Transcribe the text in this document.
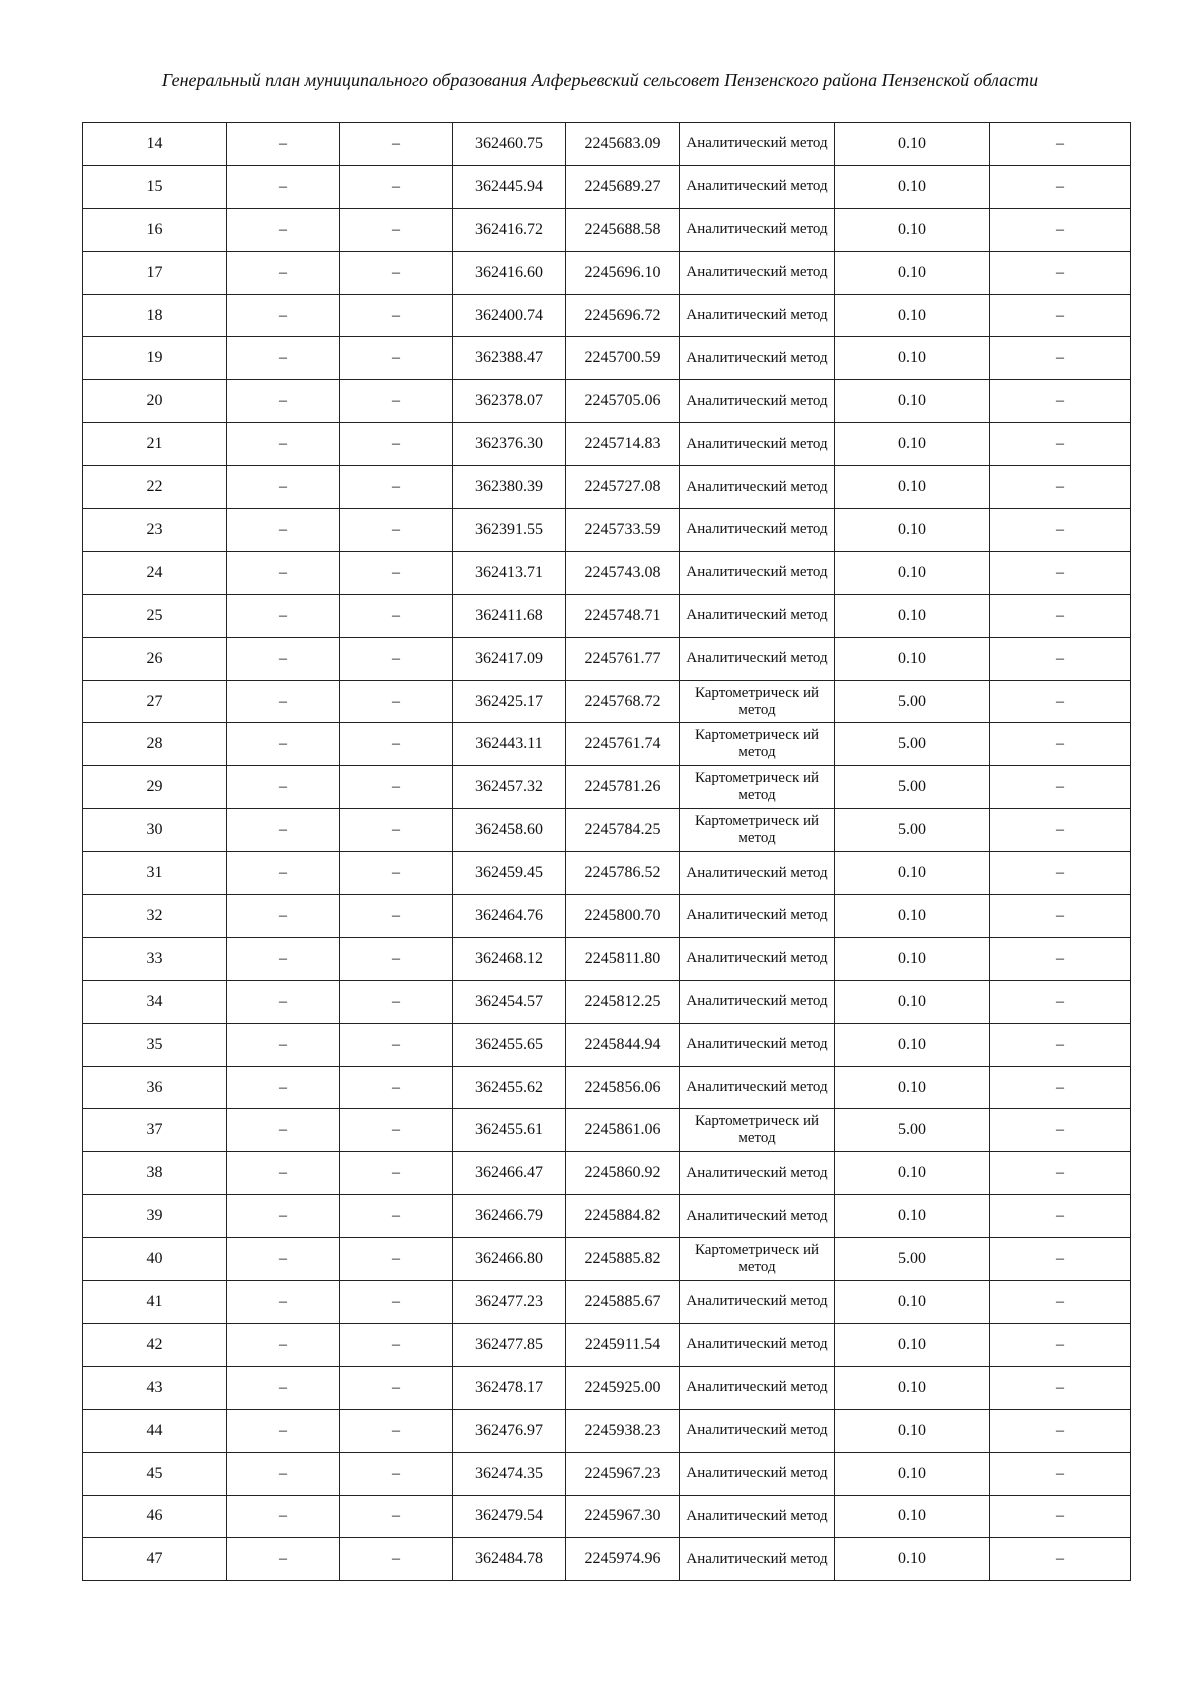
Генеральный план муниципального образования Алферьевский сельсовет Пензенского района Пензенской области
14	–	–	362460.75	2245683.09	Аналитический метод	0.10	–
15	–	–	362445.94	2245689.27	Аналитический метод	0.10	–
16	–	–	362416.72	2245688.58	Аналитический метод	0.10	–
17	–	–	362416.60	2245696.10	Аналитический метод	0.10	–
18	–	–	362400.74	2245696.72	Аналитический метод	0.10	–
19	–	–	362388.47	2245700.59	Аналитический метод	0.10	–
20	–	–	362378.07	2245705.06	Аналитический метод	0.10	–
21	–	–	362376.30	2245714.83	Аналитический метод	0.10	–
22	–	–	362380.39	2245727.08	Аналитический метод	0.10	–
23	–	–	362391.55	2245733.59	Аналитический метод	0.10	–
24	–	–	362413.71	2245743.08	Аналитический метод	0.10	–
25	–	–	362411.68	2245748.71	Аналитический метод	0.10	–
26	–	–	362417.09	2245761.77	Аналитический метод	0.10	–
27	–	–	362425.17	2245768.72	Картометрическ ий метод	5.00	–
28	–	–	362443.11	2245761.74	Картометрическ ий метод	5.00	–
29	–	–	362457.32	2245781.26	Картометрическ ий метод	5.00	–
30	–	–	362458.60	2245784.25	Картометрическ ий метод	5.00	–
31	–	–	362459.45	2245786.52	Аналитический метод	0.10	–
32	–	–	362464.76	2245800.70	Аналитический метод	0.10	–
33	–	–	362468.12	2245811.80	Аналитический метод	0.10	–
34	–	–	362454.57	2245812.25	Аналитический метод	0.10	–
35	–	–	362455.65	2245844.94	Аналитический метод	0.10	–
36	–	–	362455.62	2245856.06	Аналитический метод	0.10	–
37	–	–	362455.61	2245861.06	Картометрическ ий метод	5.00	–
38	–	–	362466.47	2245860.92	Аналитический метод	0.10	–
39	–	–	362466.79	2245884.82	Аналитический метод	0.10	–
40	–	–	362466.80	2245885.82	Картометрическ ий метод	5.00	–
41	–	–	362477.23	2245885.67	Аналитический метод	0.10	–
42	–	–	362477.85	2245911.54	Аналитический метод	0.10	–
43	–	–	362478.17	2245925.00	Аналитический метод	0.10	–
44	–	–	362476.97	2245938.23	Аналитический метод	0.10	–
45	–	–	362474.35	2245967.23	Аналитический метод	0.10	–
46	–	–	362479.54	2245967.30	Аналитический метод	0.10	–
47	–	–	362484.78	2245974.96	Аналитический метод	0.10	–
